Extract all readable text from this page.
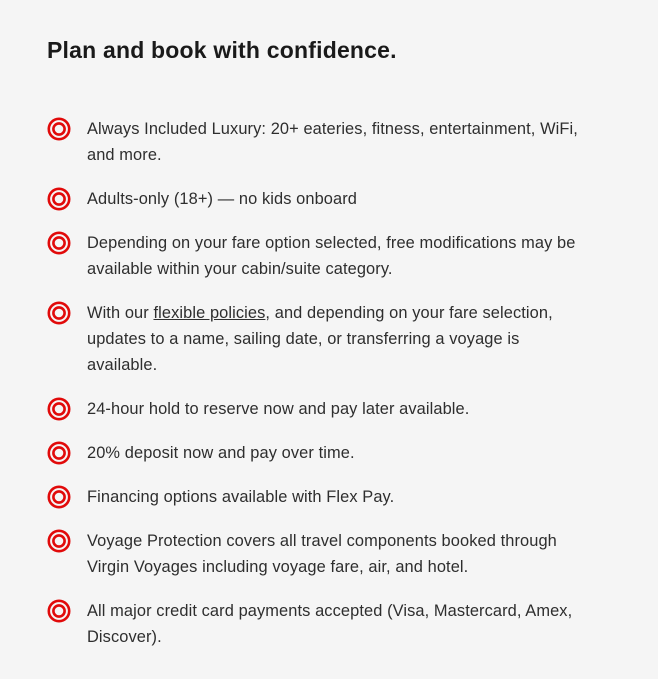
Plan and book with confidence.
Always Included Luxury: 20+ eateries, fitness, entertainment, WiFi, and more.
Adults-only (18+) — no kids onboard
Depending on your fare option selected, free modifications may be available within your cabin/suite category.
With our flexible policies, and depending on your fare selection, updates to a name, sailing date, or transferring a voyage is available.
24-hour hold to reserve now and pay later available.
20% deposit now and pay over time.
Financing options available with Flex Pay.
Voyage Protection covers all travel components booked through Virgin Voyages including voyage fare, air, and hotel.
All major credit card payments accepted (Visa, Mastercard, Amex, Discover).
